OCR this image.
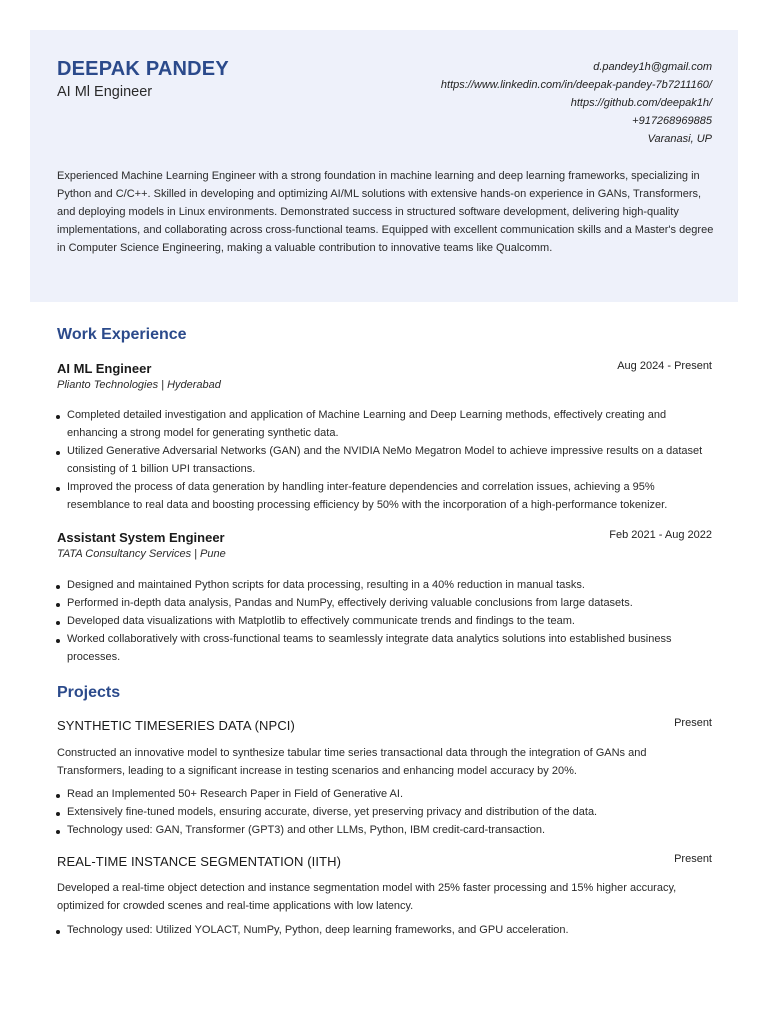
DEEPAK PANDEY
AI Ml Engineer
d.pandey1h@gmail.com
https://www.linkedin.com/in/deepak-pandey-7b7211160/
https://github.com/deepak1h/
+917268969885
Varanasi, UP
Experienced Machine Learning Engineer with a strong foundation in machine learning and deep learning frameworks, specializing in Python and C/C++. Skilled in developing and optimizing AI/ML solutions with extensive hands-on experience in GANs, Transformers, and deploying models in Linux environments. Demonstrated success in structured software development, delivering high-quality implementations, and collaborating across cross-functional teams. Equipped with excellent communication skills and a Master's degree in Computer Science Engineering, making a valuable contribution to innovative teams like Qualcomm.
Work Experience
AI ML Engineer	Aug 2024 - Present
Plianto Technologies | Hyderabad
Completed detailed investigation and application of Machine Learning and Deep Learning methods, effectively creating and enhancing a strong model for generating synthetic data.
Utilized Generative Adversarial Networks (GAN) and the NVIDIA NeMo Megatron Model to achieve impressive results on a dataset consisting of 1 billion UPI transactions.
Improved the process of data generation by handling inter-feature dependencies and correlation issues, achieving a 95% resemblance to real data and boosting processing efficiency by 50% with the incorporation of a high-performance tokenizer.
Assistant System Engineer	Feb 2021 - Aug 2022
TATA Consultancy Services | Pune
Designed and maintained Python scripts for data processing, resulting in a 40% reduction in manual tasks.
Performed in-depth data analysis, Pandas and NumPy, effectively deriving valuable conclusions from large datasets.
Developed data visualizations with Matplotlib to effectively communicate trends and findings to the team.
Worked collaboratively with cross-functional teams to seamlessly integrate data analytics solutions into established business processes.
Projects
SYNTHETIC TIMESERIES DATA (NPCI)	Present
Constructed an innovative model to synthesize tabular time series transactional data through the integration of GANs and Transformers, leading to a significant increase in testing scenarios and enhancing model accuracy by 20%.
Read an Implemented 50+ Research Paper in Field of Generative AI.
Extensively fine-tuned models, ensuring accurate, diverse, yet preserving privacy and distribution of the data.
Technology used: GAN, Transformer (GPT3) and other LLMs, Python, IBM credit-card-transaction.
REAL-TIME INSTANCE SEGMENTATION (IITH)	Present
Developed a real-time object detection and instance segmentation model with 25% faster processing and 15% higher accuracy, optimized for crowded scenes and real-time applications with low latency.
Technology used: Utilized YOLACT, NumPy, Python, deep learning frameworks, and GPU acceleration.
